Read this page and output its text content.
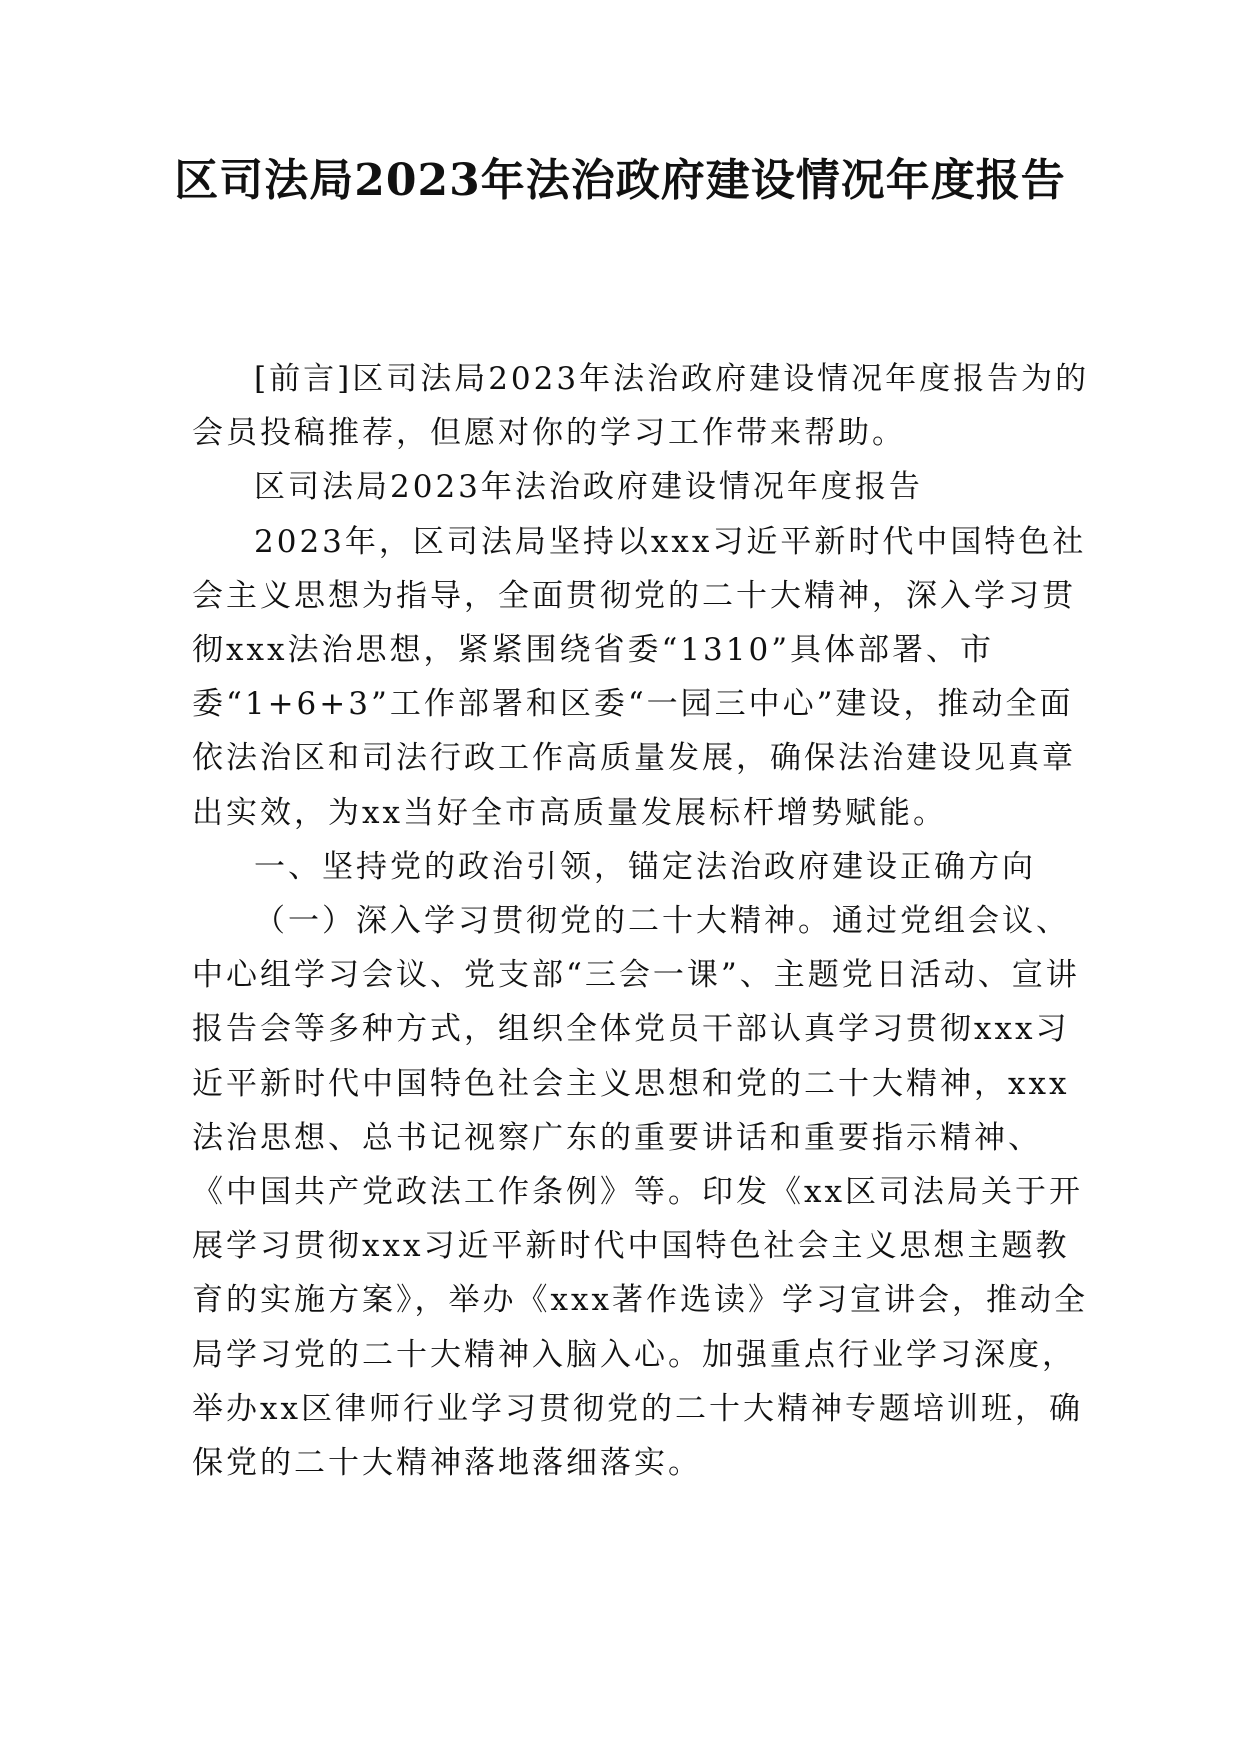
区司法局2023年法治政府建设情况年度报告

[前言]区司法局2023年法治政府建设情况年度报告为的会员投稿推荐，但愿对你的学习工作带来帮助。

区司法局2023年法治政府建设情况年度报告

2023年，区司法局坚持以xxx习近平新时代中国特色社会主义思想为指导，全面贯彻党的二十大精神，深入学习贯彻xxx法治思想，紧紧围绕省委“1310”具体部署、市委“1+6+3”工作部署和区委“一园三中心”建设，推动全面依法治区和司法行政工作高质量发展，确保法治建设见真章出实效，为xx当好全市高质量发展标杆增势赋能。

一、坚持党的政治引领，锚定法治政府建设正确方向

（一）深入学习贯彻党的二十大精神。通过党组会议、中心组学习会议、党支部“三会一课”、主题党日活动、宣讲报告会等多种方式，组织全体党员干部认真学习贯彻xxx习近平新时代中国特色社会主义思想和党的二十大精神，xxx法治思想、总书记视察广东的重要讲话和重要指示精神、《中国共产党政法工作条例》等。印发《xx区司法局关于开展学习贯彻xxx习近平新时代中国特色社会主义思想主题教育的实施方案》，举办《xxx著作选读》学习宣讲会，推动全局学习党的二十大精神入脑入心。加强重点行业学习深度，举办xx区律师行业学习贯彻党的二十大精神专题培训班，确保党的二十大精神落地落细落实。
